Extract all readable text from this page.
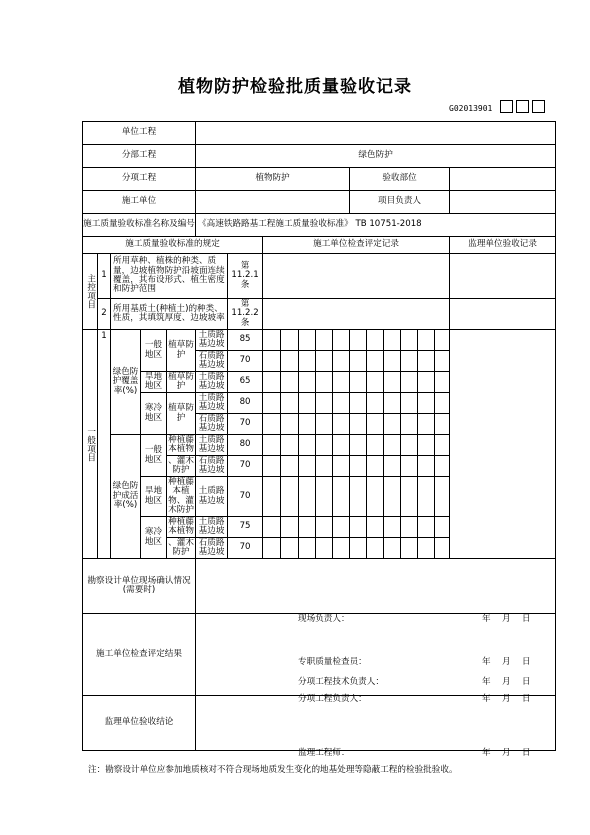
植物防护检验批质量验收记录
G02013901
单位工程																		
分部工程					绿色防护													
分项工程					植物防护							验收部位						
施工单位												项目负责人						
施工质量验收标准名称及编号					《高速铁路路基工程施工质量验收标准》 TB 10751-2018													
施工质量验收标准的规定							施工单位检查评定记录											监理单位验收记录
主控项目	1	所用草种、植株的种类、质量，边坡植物防护沿坡面连续覆盖，其布设形式、植生密度和防护范围				第11.2.1条												
	2	所用基质土(种植土)的种类、性质，其填筑厚度、边坡坡率				第11.2.2条												
一般项目	1	绿色防护覆盖率(%)	一般地区	植草防护	土质路基边坡	85												
					石质路基边坡	70												
			旱地地区	植草防护	土质路基边坡	65												
			寒冷地区	植草防护	土质路基边坡	80												
					石质路基边坡	70												
		绿色防护成活率(%)	一般地区	种植藤本植物	土质路基边坡	80												
				、灌木防护	石质路基边坡	70												
			旱地地区	种植藤本植物、灌木防护	土质路基边坡	70												
			寒冷地区	种植藤本植物	土质路基边坡	75												
				、灌木防护	石质路基边坡	70												
勘察设计单位现场确认情况(需要时)																		
施工单位检查评定结果																		
监理单位验收结论																		
现场负责人：	年 月 日
专职质量检查员：	年 月 日
分项工程技术负责人：	年 月 日
分项工程负责人：	年 月 日
监理工程师：	年 月 日
注：勘察设计单位应参加地质核对不符合现场地质发生变化的地基处理等隐蔽工程的检验批验收。
